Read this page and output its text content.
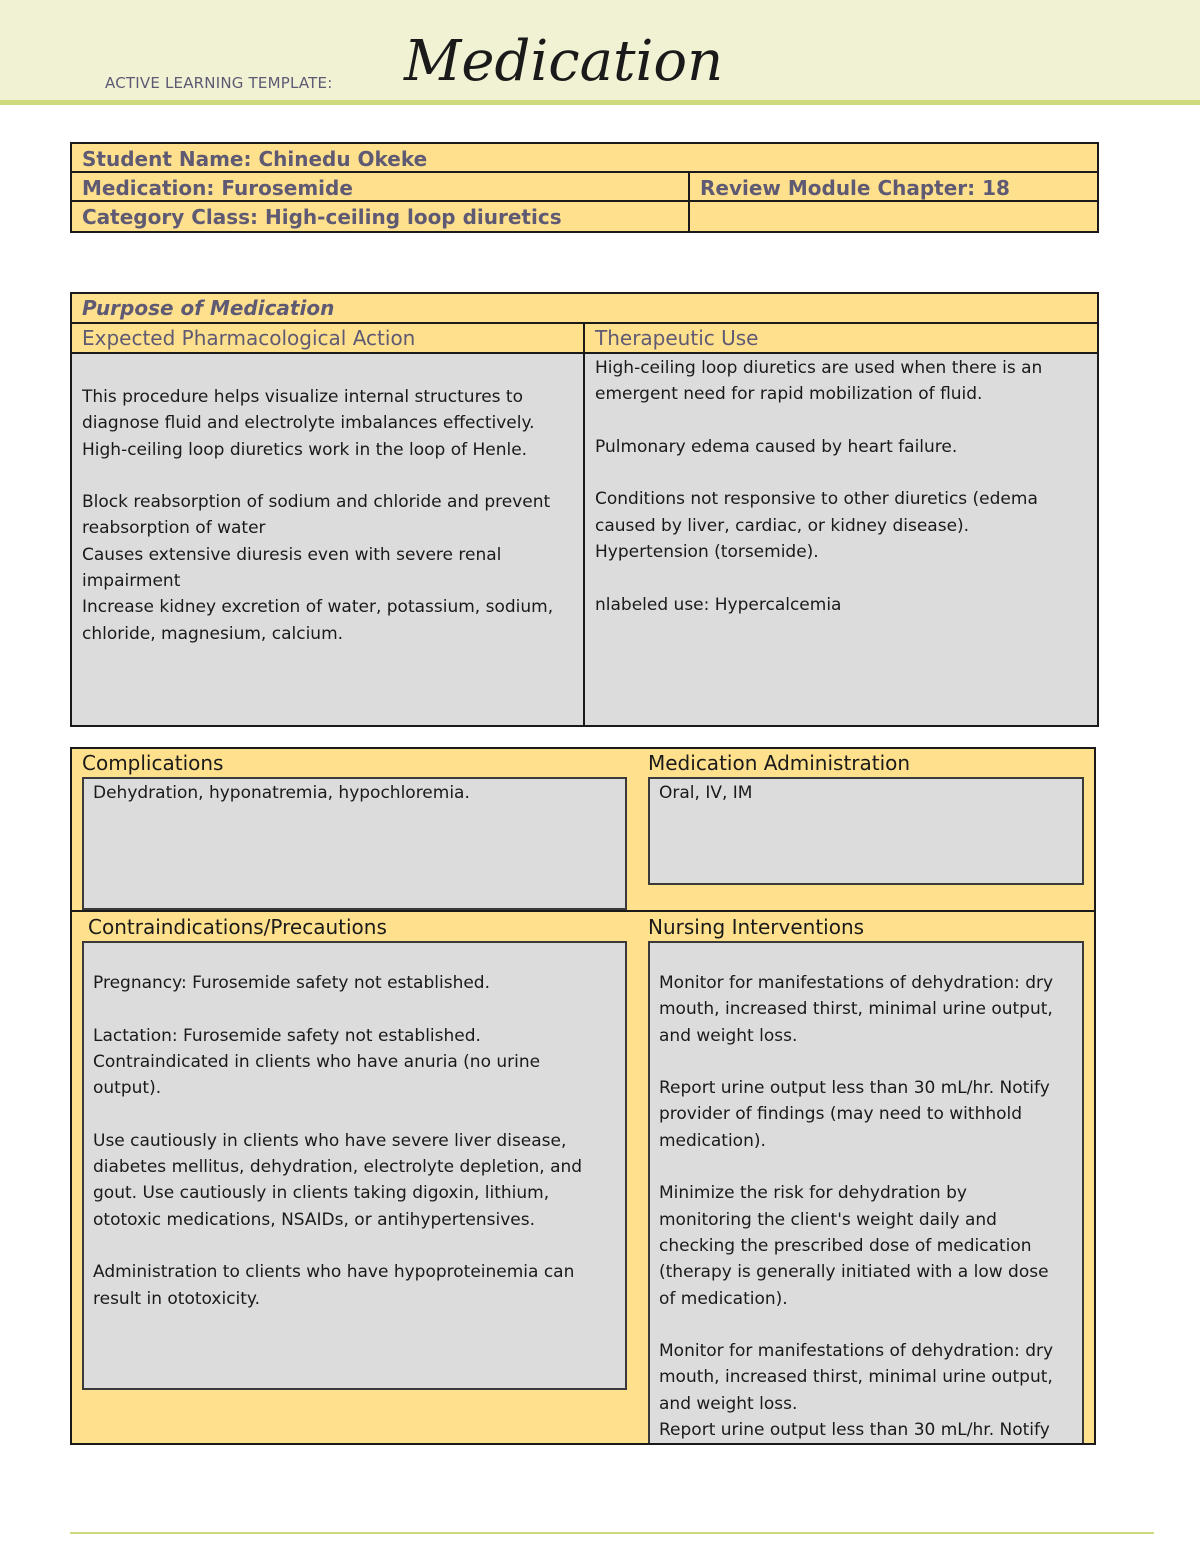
ACTIVE LEARNING TEMPLATE: Medication
Student Name: Chinedu Okeke
Medication: Furosemide	Review Module Chapter: 18
Category Class: High-ceiling loop diuretics
Purpose of Medication
Expected Pharmacological Action	Therapeutic Use
This procedure helps visualize internal structures to
diagnose fluid and electrolyte imbalances effectively.
High-ceiling loop diuretics work in the loop of Henle.

Block reabsorption of sodium and chloride and prevent
reabsorption of water
Causes extensive diuresis even with severe renal
impairment
Increase kidney excretion of water, potassium, sodium,
chloride, magnesium, calcium.
High-ceiling loop diuretics are used when there is an
emergent need for rapid mobilization of fluid.

Pulmonary edema caused by heart failure.

Conditions not responsive to other diuretics (edema
caused by liver, cardiac, or kidney disease).
Hypertension (torsemide).

nlabeled use: Hypercalcemia
Complications
Dehydration, hyponatremia, hypochloremia.
Medication Administration
Oral, IV, IM
Contraindications/Precautions
Pregnancy: Furosemide safety not established.

Lactation: Furosemide safety not established.
Contraindicated in clients who have anuria (no urine
output).

Use cautiously in clients who have severe liver disease,
diabetes mellitus, dehydration, electrolyte depletion, and
gout. Use cautiously in clients taking digoxin, lithium,
ototoxic medications, NSAIDs, or antihypertensives.

Administration to clients who have hypoproteinemia can
result in ototoxicity.
Nursing Interventions
Monitor for manifestations of dehydration: dry
mouth, increased thirst, minimal urine output,
and weight loss.

Report urine output less than 30 mL/hr. Notify
provider of findings (may need to withhold
medication).

Minimize the risk for dehydration by
monitoring the client's weight daily and
checking the prescribed dose of medication
(therapy is generally initiated with a low dose
of medication).

Monitor for manifestations of dehydration: dry
mouth, increased thirst, minimal urine output,
and weight loss.
Report urine output less than 30 mL/hr. Notify
